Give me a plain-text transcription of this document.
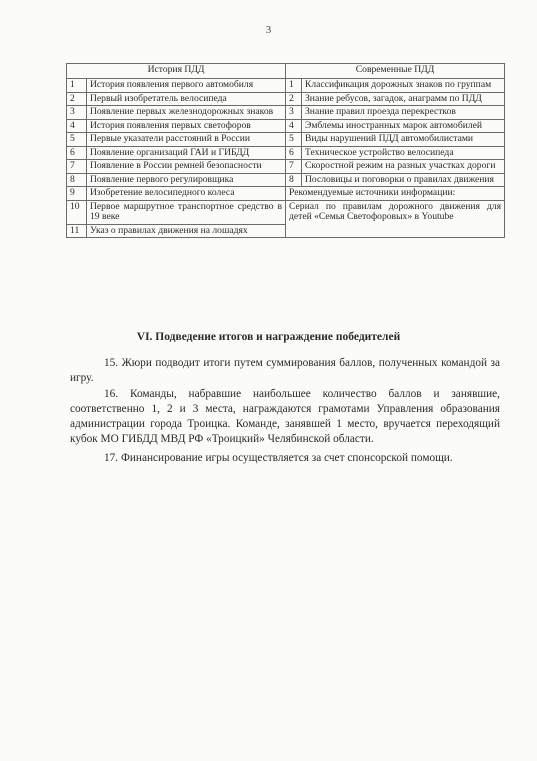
3
История ПДД		Современные ПДД	
1	История появления первого автомобиля	1	Классификация дорожных знаков по группам
2	Первый изобретатель велосипеда	2	Знание ребусов, загадок, анаграмм по ПДД
3	Появление первых железнодорожных знаков	3	Знание правил проезда перекрестков
4	История появления первых светофоров	4	Эмблемы иностранных марок автомобилей
5	Первые указатели расстояний в России	5	Виды нарушений ПДД автомобилистами
6	Появление организаций ГАИ и ГИБДД	6	Техническое устройство велосипеда
7	Появление в России ремней безопасности	7	Скоростной режим на разных участках дороги
8	Появление первого регулировщика	8	Пословицы и поговорки о правилах движения
9	Изобретение велосипедного колеса	Рекомендуемые источники информации:	
10	Первое маршрутное транспортное средство в 19 веке	Сериал по правилам дорожного движения для детей «Семья Светофоровых» в Youtube	
11	Указ о правилах движения на лошадях		
VI. Подведение итогов и награждение победителей
15. Жюри подводит итоги путем суммирования баллов, полученных командой за игру.
16. Команды, набравшие наибольшее количество баллов и занявшие, соответственно 1, 2 и 3 места, награждаются грамотами Управления образования администрации города Троицка. Команде, занявшей 1 место, вручается переходящий кубок МО ГИБДД МВД РФ «Троицкий» Челябинской области.
17. Финансирование игры осуществляется за счет спонсорской помощи.
